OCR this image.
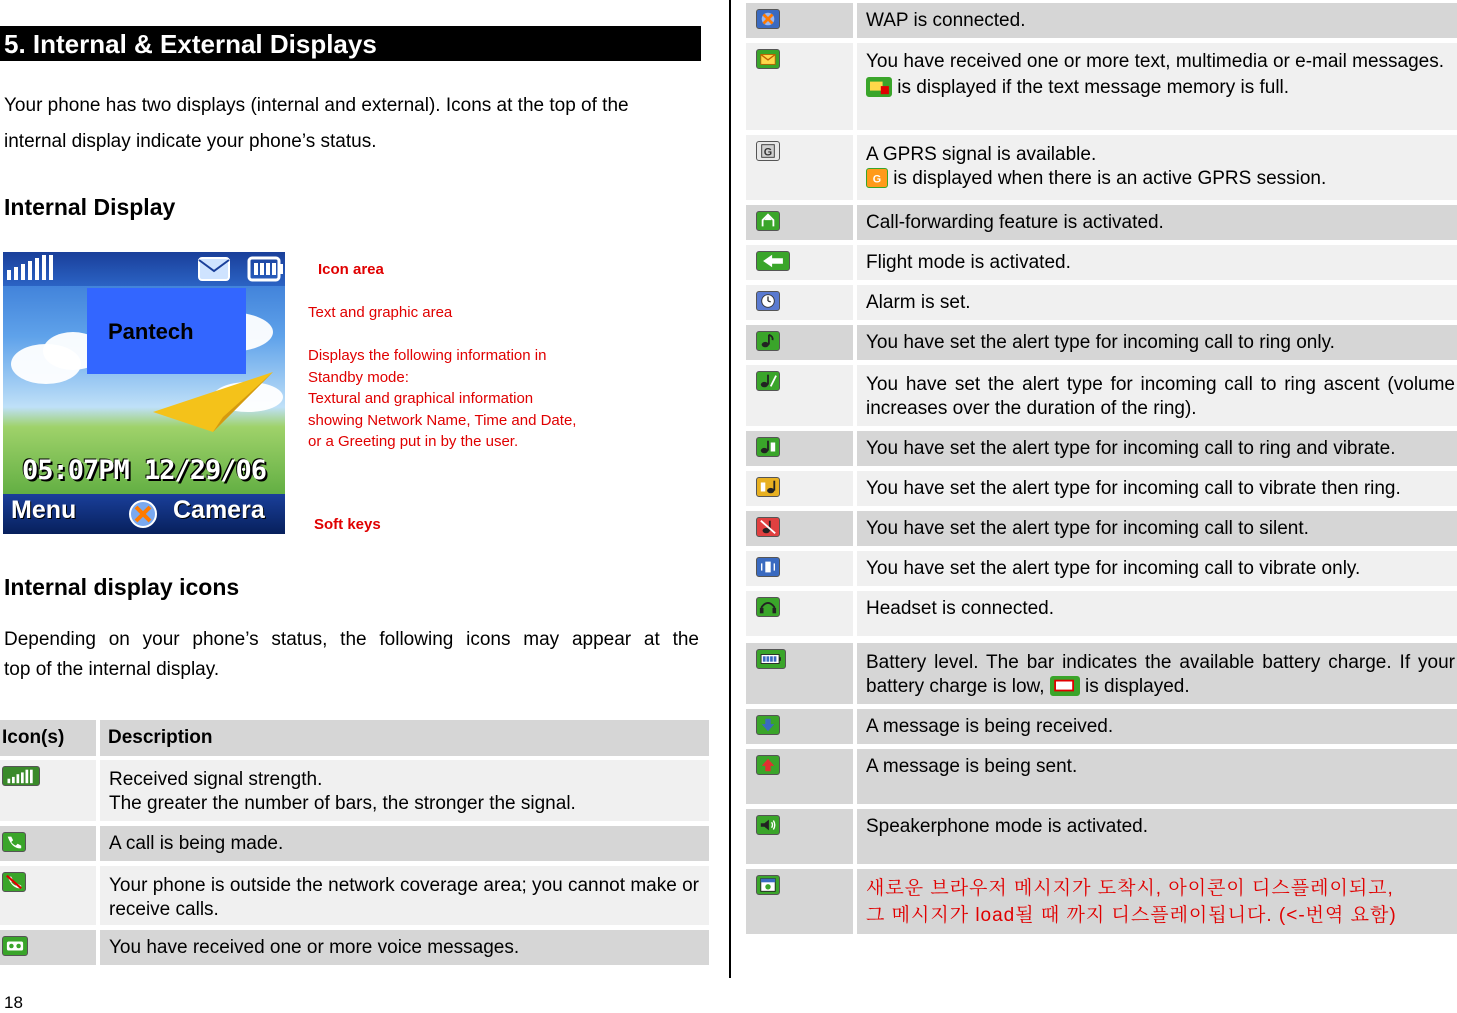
5. Internal & External Displays
Your phone has two displays (internal and external). Icons at the top of the
internal display indicate your phone’s status.
Internal Display
05:07PM 12/29/06
Menu	Camera
Pantech
Icon area
Text and graphic area
Displays the following information in
Standby mode:
Textural and graphical information
showing Network Name, Time and Date,
or a Greeting put in by the user.
Soft keys
Internal display icons
Depending on your phone’s status, the following icons may appear at the
top of the internal display.
Icon(s)	Description
Received signal strength.
The greater the number of bars, the stronger the signal.
A call is being made.
Your phone is outside the network coverage area; you cannot make or receive calls.
You have received one or more voice messages.
WAP is connected.
You have received one or more text, multimedia or e-mail messages.
is displayed if the text message memory is full.
G	A GPRS signal is available.
G is displayed when there is an active GPRS session.
Call-forwarding feature is activated.
Flight mode is activated.
Alarm is set.
You have set the alert type for incoming call to ring only.
You have set the alert type for incoming call to ring ascent (volume increases over the duration of the ring).
You have set the alert type for incoming call to ring and vibrate.
You have set the alert type for incoming call to vibrate then ring.
You have set the alert type for incoming call to silent.
You have set the alert type for incoming call to vibrate only.
Headset is connected.
Battery level. The bar indicates the available battery charge. If your battery charge is low, is displayed.
A message is being received.
A message is being sent.
Speakerphone mode is activated.
새로운 브라우저 메시지가 도착시, 아이콘이 디스플레이되고,
그 메시지가 load될 때 까지 디스플레이됩니다. (<-번역 요함)
18
